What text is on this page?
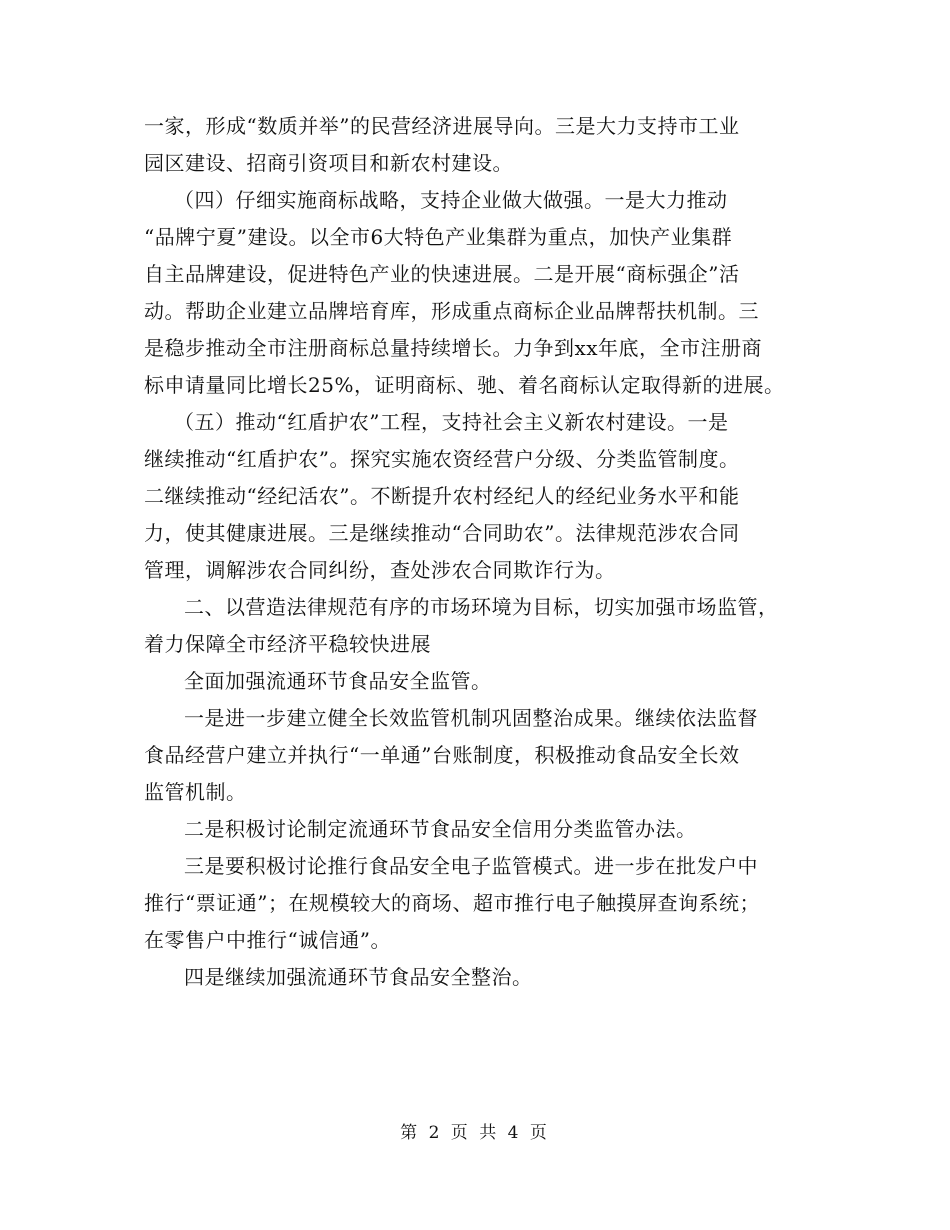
一家，形成“数质并举”的民营经济进展导向。三是大力支持市工业
园区建设、招商引资项目和新农村建设。
（四）仔细实施商标战略，支持企业做大做强。一是大力推动
“品牌宁夏”建设。以全市6大特色产业集群为重点，加快产业集群
自主品牌建设，促进特色产业的快速进展。二是开展“商标强企”活
动。帮助企业建立品牌培育库，形成重点商标企业品牌帮扶机制。三
是稳步推动全市注册商标总量持续增长。力争到xx年底，全市注册商
标申请量同比增长25%，证明商标、驰、着名商标认定取得新的进展。
（五）推动“红盾护农”工程，支持社会主义新农村建设。一是
继续推动“红盾护农”。探究实施农资经营户分级、分类监管制度。
二继续推动“经纪活农”。不断提升农村经纪人的经纪业务水平和能
力，使其健康进展。三是继续推动“合同助农”。法律规范涉农合同
管理，调解涉农合同纠纷，查处涉农合同欺诈行为。
二、以营造法律规范有序的市场环境为目标，切实加强市场监管，
着力保障全市经济平稳较快进展
全面加强流通环节食品安全监管。
一是进一步建立健全长效监管机制巩固整治成果。继续依法监督
食品经营户建立并执行“一单通”台账制度，积极推动食品安全长效
监管机制。
二是积极讨论制定流通环节食品安全信用分类监管办法。
三是要积极讨论推行食品安全电子监管模式。进一步在批发户中
推行“票证通”；在规模较大的商场、超市推行电子触摸屏查询系统；
在零售户中推行“诚信通”。
四是继续加强流通环节食品安全整治。
第 2 页 共 4 页
